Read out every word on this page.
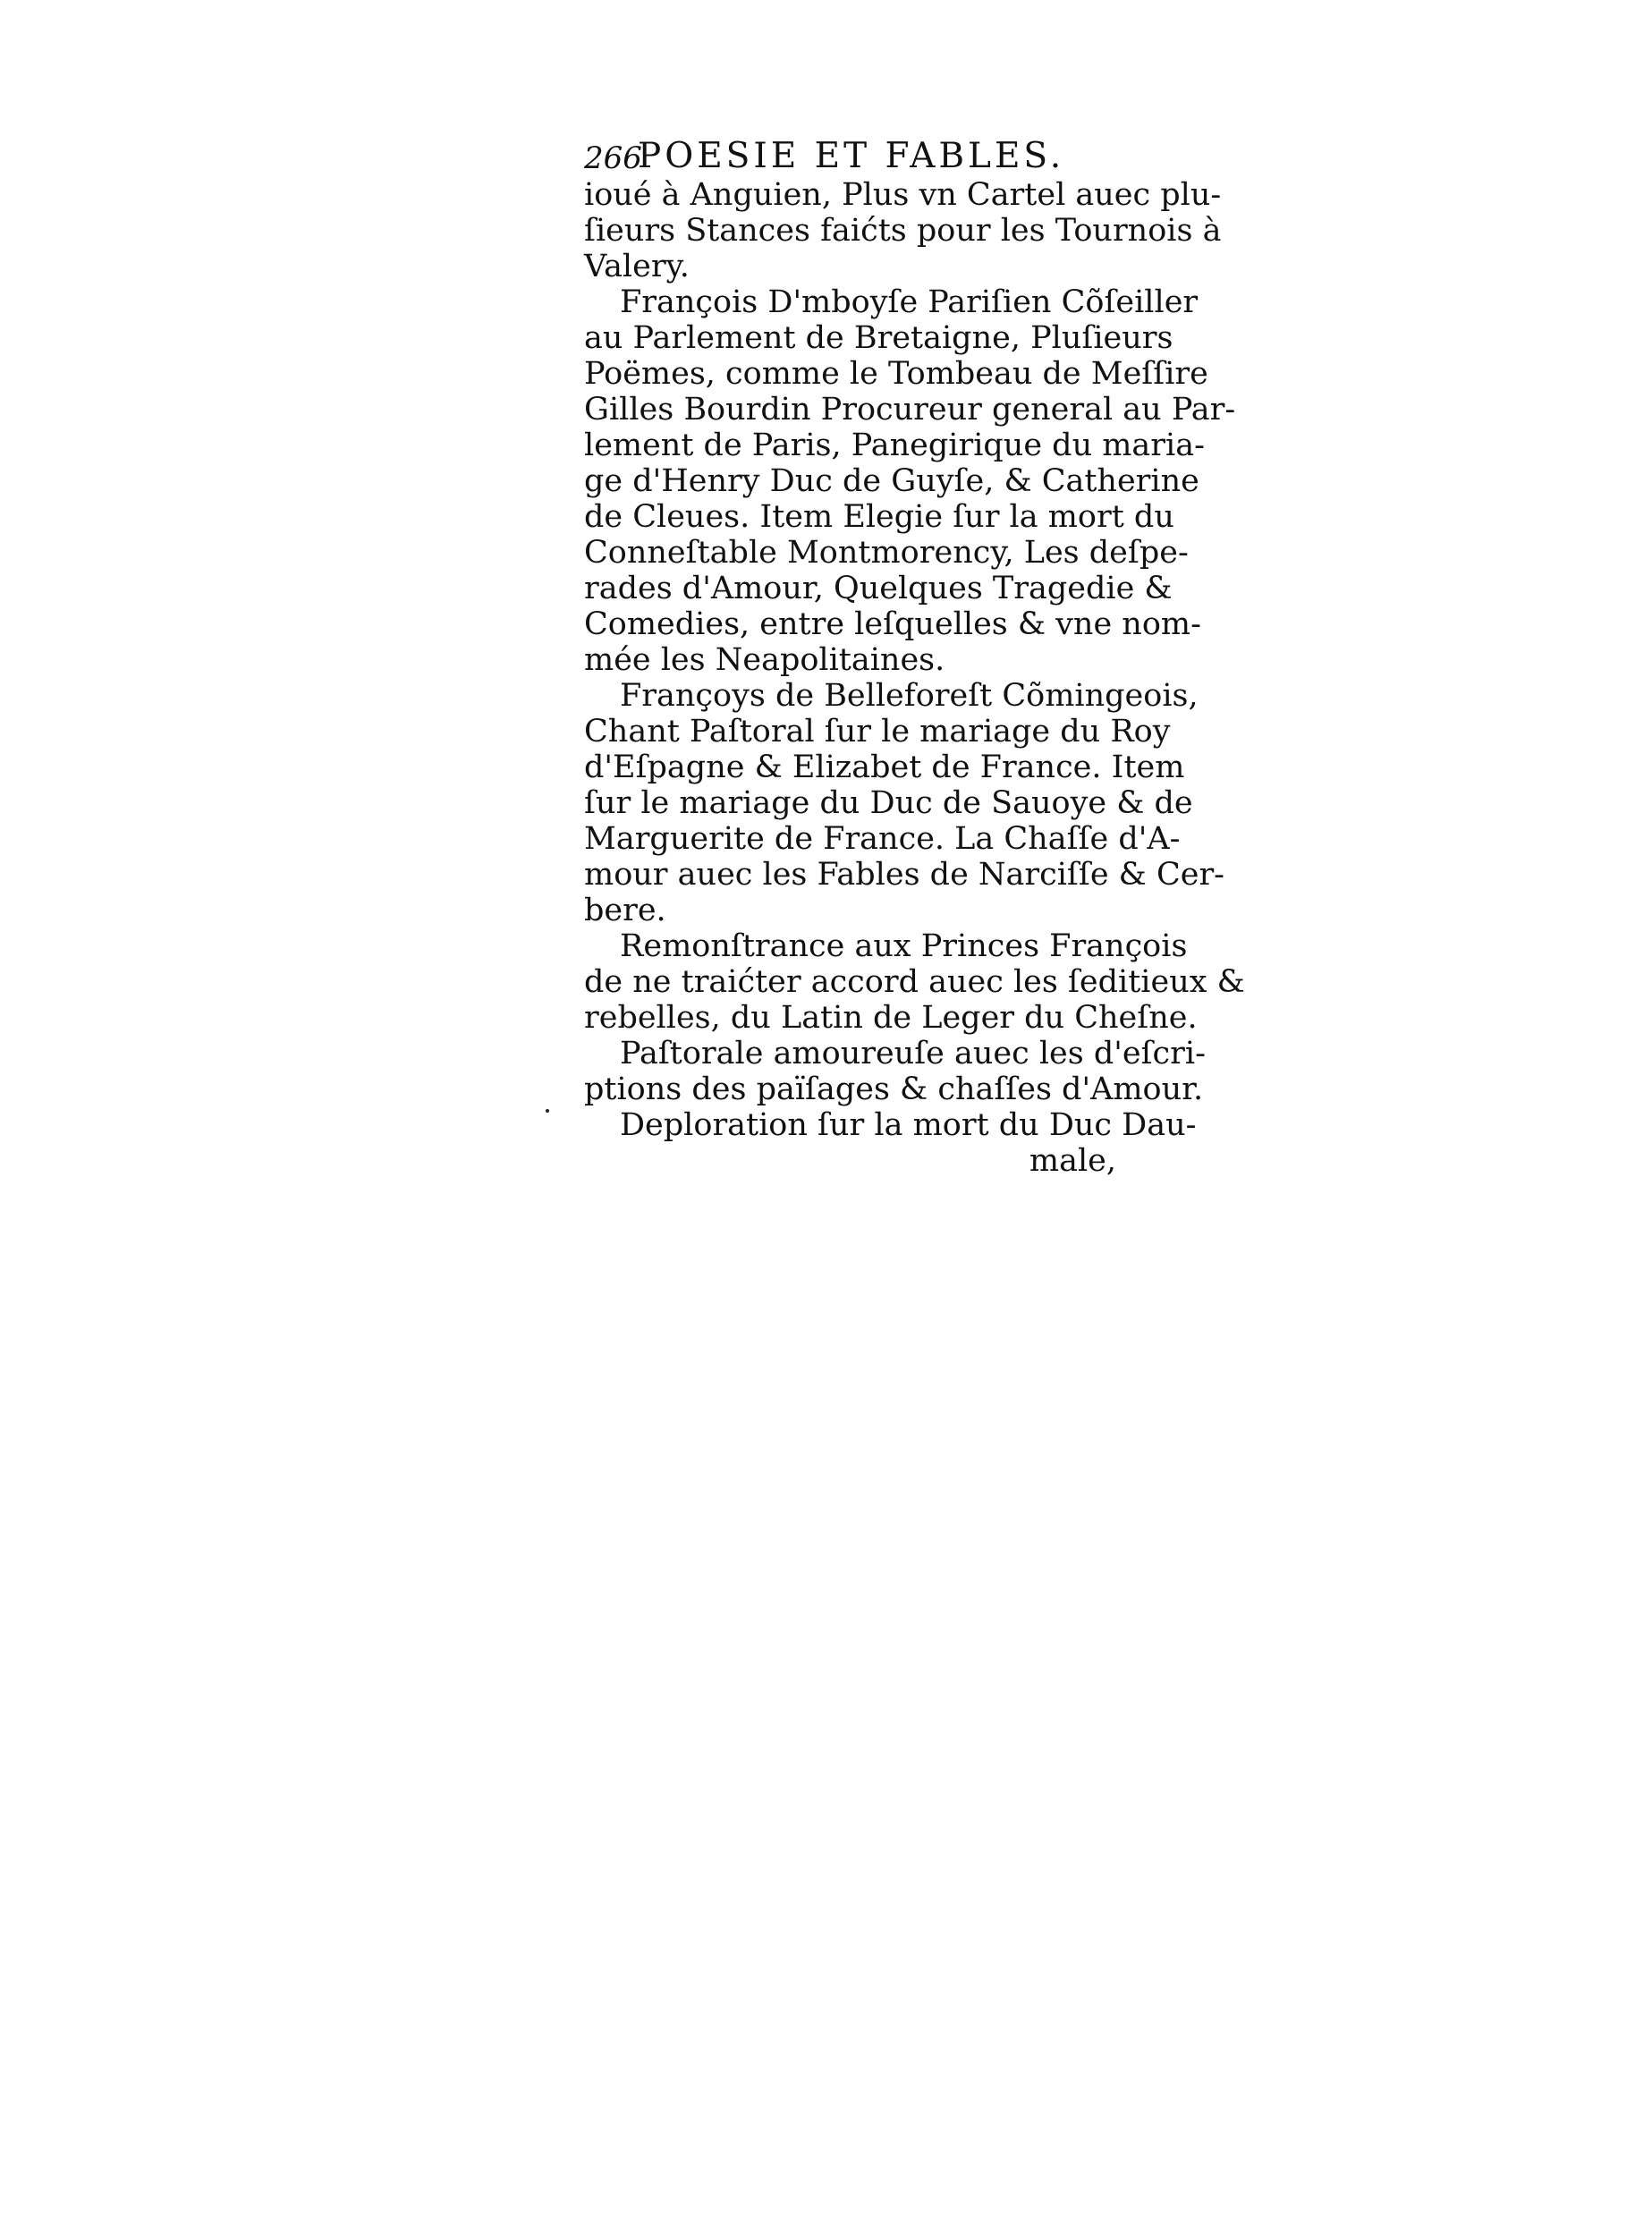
266
POESIE ET FABLES.
ioué à Anguien, Plus vn Cartel auec plu-
ſieurs Stances faićts pour les Tournois à
Valery.
François D'mboyſe Pariſien Cõſeiller
au Parlement de Bretaigne, Pluſieurs
Poëmes, comme le Tombeau de Meſſire
Gilles Bourdin Procureur general au Par-
lement de Paris, Panegirique du maria-
ge d'Henry Duc de Guyſe, & Catherine
de Cleues. Item Elegie ſur la mort du
Conneſtable Montmorency, Les deſpe-
rades d'Amour, Quelques Tragedie &
Comedies, entre leſquelles & vne nom-
mée les Neapolitaines.
Françoys de Belleforeſt Cõmingeois,
Chant Paſtoral ſur le mariage du Roy
d'Eſpagne & Elizabet de France. Item
ſur le mariage du Duc de Sauoye & de
Marguerite de France. La Chaſſe d'A-
mour auec les Fables de Narciſſe & Cer-
bere.
Remonſtrance aux Princes François
de ne traićter accord auec les ſeditieux &
rebelles, du Latin de Leger du Cheſne.
Paſtorale amoureuſe auec les d'eſcri-
ptions des païſages & chaſſes d'Amour.
Deploration ſur la mort du Duc Dau-
male,
